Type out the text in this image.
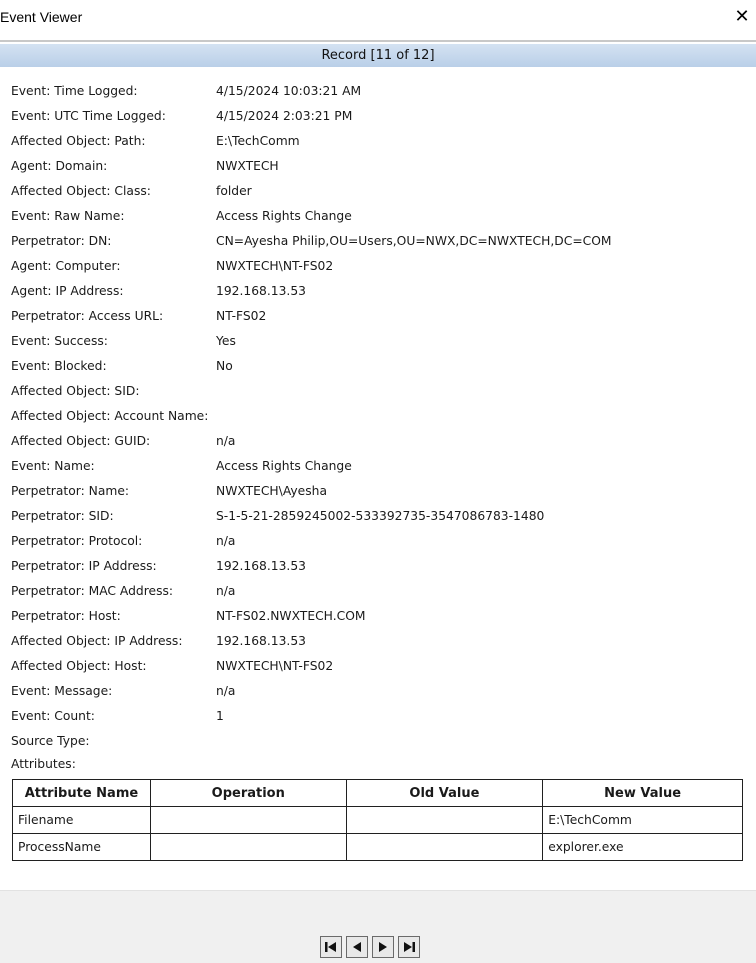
Event Viewer	✕
Record [11 of 12]
Event: Time Logged:	4/15/2024 10:03:21 AM
Event: UTC Time Logged:	4/15/2024 2:03:21 PM
Affected Object: Path:	E:\TechComm
Agent: Domain:	NWXTECH
Affected Object: Class:	folder
Event: Raw Name:	Access Rights Change
Perpetrator: DN:	CN=Ayesha Philip,OU=Users,OU=NWX,DC=NWXTECH,DC=COM
Agent: Computer:	NWXTECH\NT-FS02
Agent: IP Address:	192.168.13.53
Perpetrator: Access URL:	NT-FS02
Event: Success:	Yes
Event: Blocked:	No
Affected Object: SID:
Affected Object: Account Name:
Affected Object: GUID:	n/a
Event: Name:	Access Rights Change
Perpetrator: Name:	NWXTECH\Ayesha
Perpetrator: SID:	S-1-5-21-2859245002-533392735-3547086783-1480
Perpetrator: Protocol:	n/a
Perpetrator: IP Address:	192.168.13.53
Perpetrator: MAC Address:	n/a
Perpetrator: Host:	NT-FS02.NWXTECH.COM
Affected Object: IP Address:	192.168.13.53
Affected Object: Host:	NWXTECH\NT-FS02
Event: Message:	n/a
Event: Count:	1
Source Type:
Attributes:
Attribute Name	Operation	Old Value	New Value
Filename			E:\TechComm
ProcessName			explorer.exe
